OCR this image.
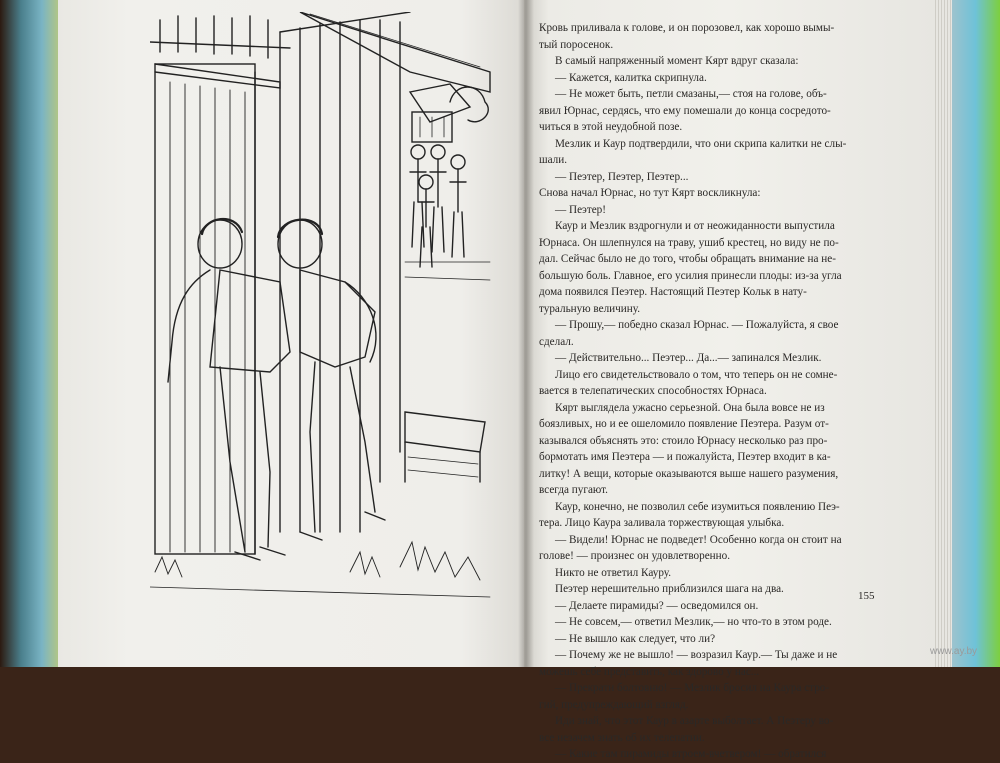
Кровь приливала к голове, и он порозовел, как хорошо вымы-
тый поросенок.
В самый напряженный момент Кярт вдруг сказала:
— Кажется, калитка скрипнула.
— Не может быть, петли смазаны,— стоя на голове, объ-
явил Юрнас, сердясь, что ему помешали до конца сосредото-
читься в этой неудобной позе.
Мезлик и Каур подтвердили, что они скрипа калитки не слы-
шали.
— Пеэтер, Пеэтер, Пеэтер...
Снова начал Юрнас, но тут Кярт воскликнула:
— Пеэтер!
Каур и Мезлик вздрогнули и от неожиданности выпустила
Юрнаса. Он шлепнулся на траву, ушиб крестец, но виду не по-
дал. Сейчас было не до того, чтобы обращать внимание на не-
большую боль. Главное, его усилия принесли плоды: из-за угла
дома появился Пеэтер. Настоящий Пеэтер Кольк в нату-
туральную величину.
— Прошу,— победно сказал Юрнас. — Пожалуйста, я свое
сделал.
— Действительно... Пеэтер... Да...— запинался Мезлик.
Лицо его свидетельствовало о том, что теперь он не сомне-
вается в телепатических способностях Юрнаса.
Кярт выглядела ужасно серьезной. Она была вовсе не из
боязливых, но и ее ошеломило появление Пеэтера. Разум от-
казывался объяснять это: стоило Юрнасу несколько раз про-
бормотать имя Пеэтера — и пожалуйста, Пеэтер входит в ка-
литку! А вещи, которые оказываются выше нашего разумения,
всегда пугают.
Каур, конечно, не позволил себе изумиться появлению Пеэ-
тера. Лицо Каура заливала торжествующая улыбка.
— Видели! Юрнас не подведет! Особенно когда он стоит на
голове! — произнес он удовлетворенно.
Никто не ответил Кауру.
Пеэтер нерешительно приблизился шага на два.
— Делаете пирамиды? — осведомился он.
— Не совсем,— ответил Мезлик,— но что-то в этом роде.
— Не вышло как следует, что ли?
— Почему же не вышло! — возразил Каур.— Ты даже и не
можешь себе представить, как здорово у нас...
— Прекрати болтовню! — Мезлик бросил на Каура стро-
гий, предупреждающий взгляд.
Иди знай, что этот Каур в азарте выболтает. А Пеэтеру во-
все незачем знать об их телепатии.
— Какие там пирамиды втроем-вчетвером! — обратился
155
www.ay.by
